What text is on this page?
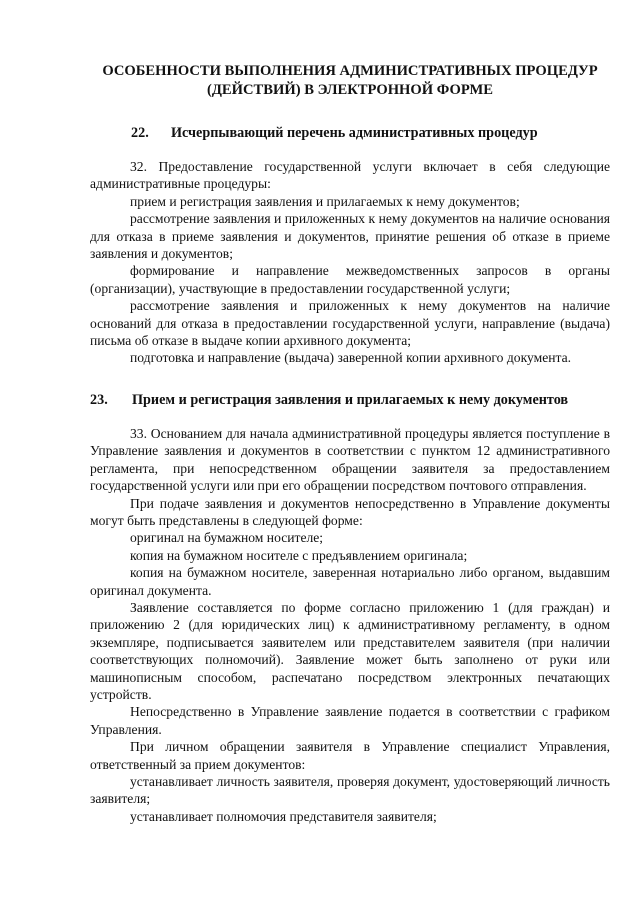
ОСОБЕННОСТИ ВЫПОЛНЕНИЯ АДМИНИСТРАТИВНЫХ ПРОЦЕДУР
(ДЕЙСТВИЙ) В ЭЛЕКТРОННОЙ ФОРМЕ

22.	Исчерпывающий перечень административных процедур

32. Предоставление государственной услуги включает в себя следующие административные процедуры:

прием и регистрация заявления и прилагаемых к нему документов;

рассмотрение заявления и приложенных к нему документов на наличие основания для отказа в приеме заявления и документов, принятие решения об отказе в приеме заявления и документов;

формирование и направление межведомственных запросов в органы (организации), участвующие в предоставлении государственной услуги;

рассмотрение заявления и приложенных к нему документов на наличие оснований для отказа в предоставлении государственной услуги, направление (выдача) письма об отказе в выдаче копии архивного документа;

подготовка и направление (выдача) заверенной копии архивного документа.

23.	Прием и регистрация заявления и прилагаемых к нему документов

33. Основанием для начала административной процедуры является поступление в Управление заявления и документов в соответствии с пунктом 12 административного регламента, при непосредственном обращении заявителя за предоставлением государственной услуги или при его обращении посредством почтового отправления.

При подаче заявления и документов непосредственно в Управление документы могут быть представлены в следующей форме:

оригинал на бумажном носителе;

копия на бумажном носителе с предъявлением оригинала;

копия на бумажном носителе, заверенная нотариально либо органом, выдавшим оригинал документа.

Заявление составляется по форме согласно приложению 1 (для граждан) и приложению 2 (для юридических лиц) к административному регламенту, в одном экземпляре, подписывается заявителем или представителем заявителя (при наличии соответствующих полномочий). Заявление может быть заполнено от руки или машинописным способом, распечатано посредством электронных печатающих устройств.

Непосредственно в Управление заявление подается в соответствии с графиком Управления.

При личном обращении заявителя в Управление специалист Управления, ответственный за прием документов:

устанавливает личность заявителя, проверяя документ, удостоверяющий личность заявителя;

устанавливает полномочия представителя заявителя;
